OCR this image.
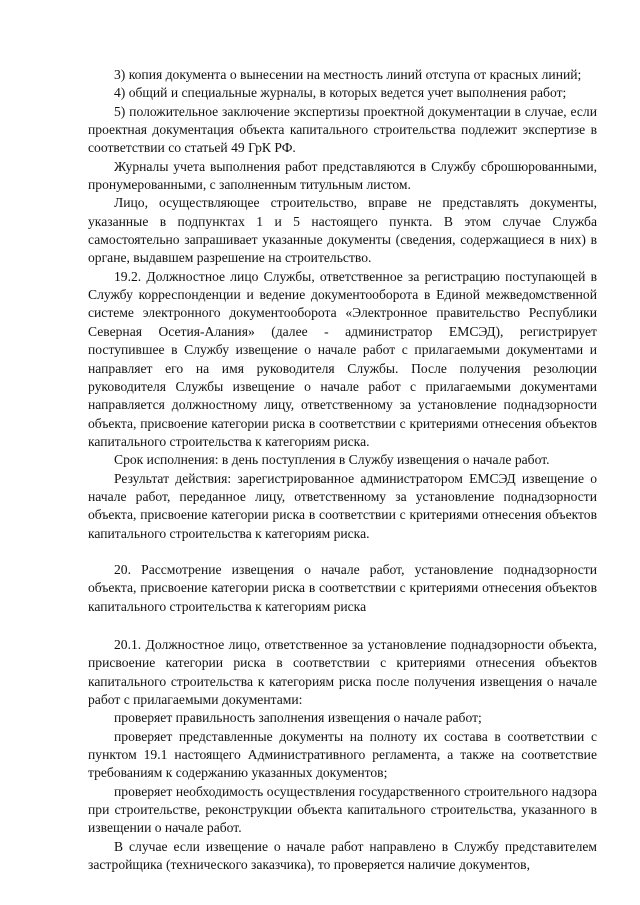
3) копия документа о вынесении на местность линий отступа от красных линий;

4) общий и специальные журналы, в которых ведется учет выполнения работ;

5) положительное заключение экспертизы проектной документации в случае, если проектная документация объекта капитального строительства подлежит экспертизе в соответствии со статьей 49 ГрК РФ.

Журналы учета выполнения работ представляются в Службу сброшюрованными, пронумерованными, с заполненным титульным листом.

Лицо, осуществляющее строительство, вправе не представлять документы, указанные в подпунктах 1 и 5 настоящего пункта. В этом случае Служба самостоятельно запрашивает указанные документы (сведения, содержащиеся в них) в органе, выдавшем разрешение на строительство.

19.2. Должностное лицо Службы, ответственное за регистрацию поступающей в Службу корреспонденции и ведение документооборота в Единой межведомственной системе электронного документооборота «Электронное правительство Республики Северная Осетия-Алания» (далее - администратор ЕМСЭД), регистрирует поступившее в Службу извещение о начале работ с прилагаемыми документами и направляет его на имя руководителя Службы. После получения резолюции руководителя Службы извещение о начале работ с прилагаемыми документами направляется должностному лицу, ответственному за установление поднадзорности объекта, присвоение категории риска в соответствии с критериями отнесения объектов капитального строительства к категориям риска.

Срок исполнения: в день поступления в Службу извещения о начале работ.

Результат действия: зарегистрированное администратором ЕМСЭД извещение о начале работ, переданное лицу, ответственному за установление поднадзорности объекта, присвоение категории риска в соответствии с критериями отнесения объектов капитального строительства к категориям риска.

20. Рассмотрение извещения о начале работ, установление поднадзорности объекта, присвоение категории риска в соответствии с критериями отнесения объектов капитального строительства к категориям риска

20.1. Должностное лицо, ответственное за установление поднадзорности объекта, присвоение категории риска в соответствии с критериями отнесения объектов капитального строительства к категориям риска после получения извещения о начале работ с прилагаемыми документами:

проверяет правильность заполнения извещения о начале работ;

проверяет представленные документы на полноту их состава в соответствии с пунктом 19.1 настоящего Административного регламента, а также на соответствие требованиям к содержанию указанных документов;

проверяет необходимость осуществления государственного строительного надзора при строительстве, реконструкции объекта капитального строительства, указанного в извещении о начале работ.

В случае если извещение о начале работ направлено в Службу представителем застройщика (технического заказчика), то проверяется наличие документов,
